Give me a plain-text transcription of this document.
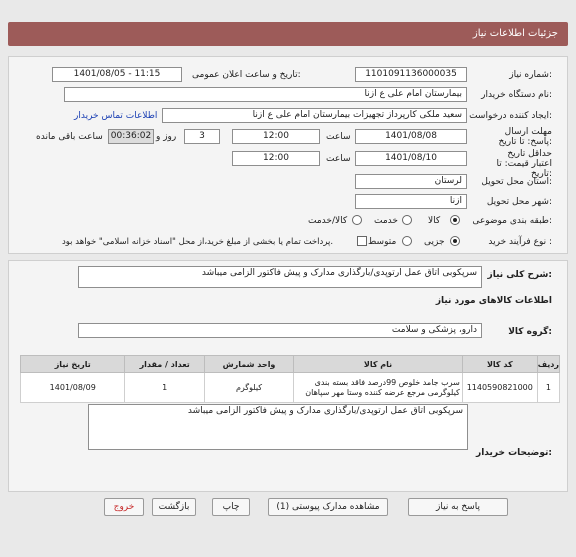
جزئیات اطلاعات نیاز
شماره نیاز:
1101091136000035
تاریخ و ساعت اعلان عمومی:
1401/08/05 - 11:15
نام دستگاه خریدار:
بیمارستان امام علی ع ازنا
ایجاد کننده درخواست:
سعید ملکی کارپرداز تجهیزات بیمارستان امام علی ع ازنا
اطلاعات تماس خریدار
مهلت ارسال پاسخ: تا تاریخ:
1401/08/08
ساعت
12:00
3
روز و
00:36:02
ساعت باقی مانده
حداقل تاریخ اعتبار قیمت: تا تاریخ:
1401/08/10
ساعت
12:00
استان محل تحویل:
لرستان
شهر محل تحویل:
ازنا
طبقه بندی موضوعی:
کالا
خدمت
کالا/خدمت
نوع فرآیند خرید :
جزیی
متوسط
پرداخت تمام یا بخشی از مبلغ خرید،از محل "اسناد خزانه اسلامی" خواهد بود.
شرح کلی نیاز:
سرپکوبی اتاق عمل ارتوپدی/بارگذاری مدارک و پیش فاکتور الزامی میباشد
اطلاعات کالاهای مورد نیاز
گروه کالا:
دارو، پزشکی و سلامت
ردیف	کد کالا	نام کالا	واحد شمارش	تعداد / مقدار	تاریخ نیاز
1	1140590821000	سرب جامد خلوص 99درصد فاقد بسته بندی کیلوگرمی مرجع عرضه کننده وستا مهر سپاهان	کیلوگرم	1	1401/08/09
توضیحات خریدار:
سرپکوبی اتاق عمل ارتوپدی/بارگذاری مدارک و پیش فاکتور الزامی میباشد
پاسخ به نیاز
مشاهده مدارک پیوستی (1)
چاپ
بازگشت
خروج
